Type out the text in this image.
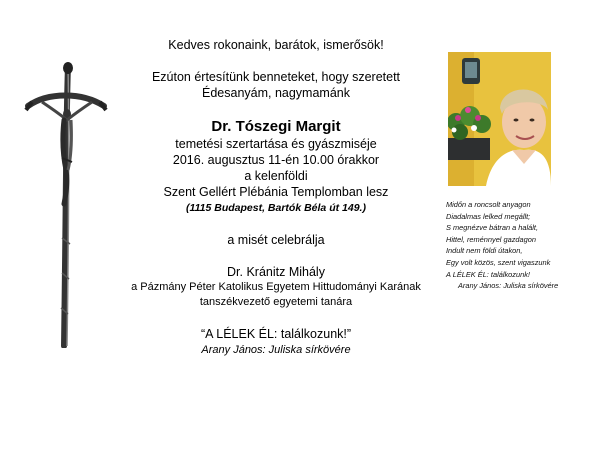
Kedves rokonaink, barátok, ismerősök!
Ezúton értesítünk benneteket, hogy szeretett
Édesanyám, nagymamánk
Dr. Tószegi Margit
temetési szertartása és gyászmiséje
2016. augusztus 11-én 10.00 órakkor
a kelenföldi
Szent Gellért Plébánia Templomban lesz
(1115 Budapest, Bartók Béla út 149.)
a misét celebrálja
Dr. Kránitz Mihály
a Pázmány Péter Katolikus Egyetem Hittudományi Karának
tanszékvezető egyetemi tanára
“A LÉLEK ÉL: találkozunk!”
Arany János: Juliska sírkövére
Midőn a roncsolt anyagon
Diadalmas lelked megállt;
S megnézve bátran a halált,
Hittel, reménnyel gazdagon
Indult nem földi útakon,
Egy volt közös, szent vigaszunk
A LÉLEK ÉL: találkozunk!
Arany János: Juliska sírkövére
